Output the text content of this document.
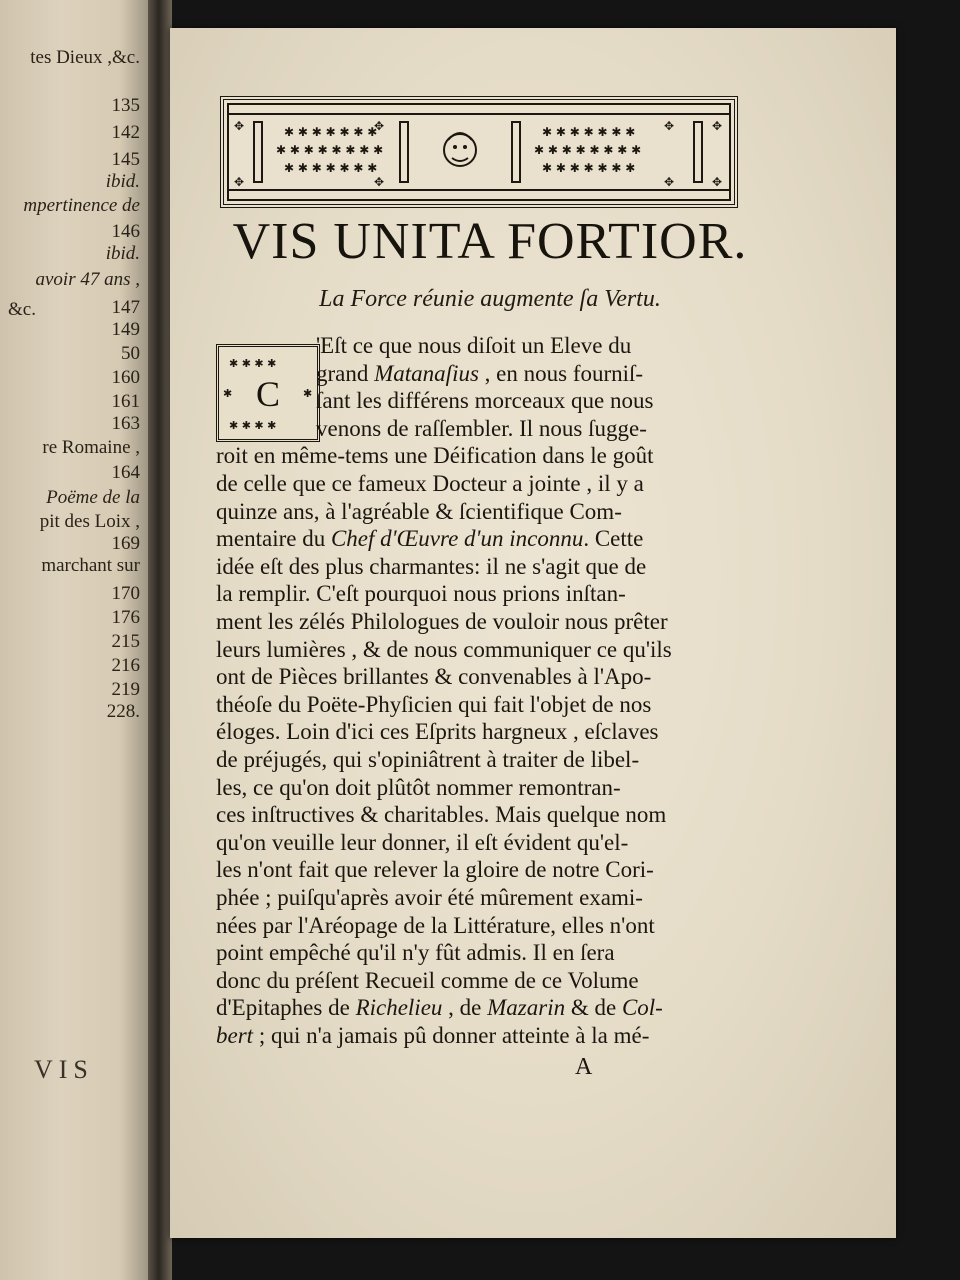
VIS
tes Dieux ,&c.
135
142
145
ibid.
mpertinence de
146
ibid.
avoir 47 ans ,
147
&c.
149
50
160
161
163
re Romaine ,
164
Poëme de la
pit des Loix ,
169
marchant sur
170
176
215
216
219
228.
✱ ✱ ✱ ✱ ✱ ✱ ✱
✱ ✱ ✱ ✱ ✱ ✱ ✱ ✱
✱ ✱ ✱ ✱ ✱ ✱ ✱
✱ ✱ ✱ ✱ ✱ ✱ ✱
✱ ✱ ✱ ✱ ✱ ✱ ✱ ✱
✱ ✱ ✱ ✱ ✱ ✱ ✱
✥
✥
✥
✥
✥
✥
✥
✥
VIS UNITA FORTIOR.
La Force réunie augmente ſa Vertu.
✱ ✱ ✱ ✱
✱ ✱ ✱ ✱
✱	✱
C
'Eſt ce que nous diſoit un Eleve du
grand Matanaſius , en nous fourniſ-
ſant les différens morceaux que nous
venons de raſſembler. Il nous ſugge-
roit en même-tems une Déification dans le goût
de celle que ce fameux Docteur a jointe , il y a
quinze ans, à l'agréable & ſcientifique Com-
mentaire du Chef d'Œuvre d'un inconnu. Cette
idée eſt des plus charmantes: il ne s'agit que de
la remplir. C'eſt pourquoi nous prions inſtan-
ment les zélés Philologues de vouloir nous prêter
leurs lumières , & de nous communiquer ce qu'ils
ont de Pièces brillantes & convenables à l'Apo-
théoſe du Poëte-Phyſicien qui fait l'objet de nos
éloges. Loin d'ici ces Eſprits hargneux , eſclaves
de préjugés, qui s'opiniâtrent à traiter de libel-
les, ce qu'on doit plûtôt nommer remontran-
ces inſtructives & charitables. Mais quelque nom
qu'on veuille leur donner, il eſt évident qu'el-
les n'ont fait que relever la gloire de notre Cori-
phée ; puiſqu'après avoir été mûrement exami-
nées par l'Aréopage de la Littérature, elles n'ont
point empêché qu'il n'y fût admis. Il en ſera
donc du préſent Recueil comme de ce Volume
d'Epitaphes de Richelieu , de Mazarin & de Col-
bert ; qui n'a jamais pû donner atteinte à la mé-
A
